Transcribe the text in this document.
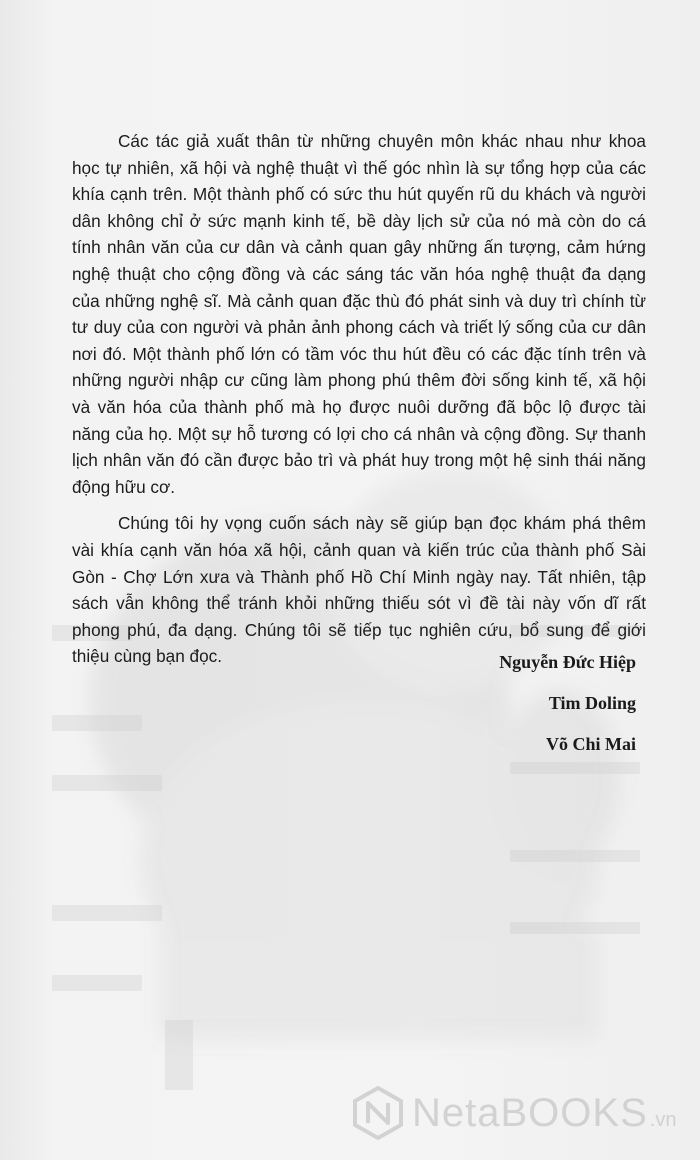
Các tác giả xuất thân từ những chuyên môn khác nhau như khoa học tự nhiên, xã hội và nghệ thuật vì thế góc nhìn là sự tổng hợp của các khía cạnh trên. Một thành phố có sức thu hút quyến rũ du khách và người dân không chỉ ở sức mạnh kinh tế, bề dày lịch sử của nó mà còn do cá tính nhân văn của cư dân và cảnh quan gây những ấn tượng, cảm hứng nghệ thuật cho cộng đồng và các sáng tác văn hóa nghệ thuật đa dạng của những nghệ sĩ. Mà cảnh quan đặc thù đó phát sinh và duy trì chính từ tư duy của con người và phản ảnh phong cách và triết lý sống của cư dân nơi đó. Một thành phố lớn có tầm vóc thu hút đều có các đặc tính trên và những người nhập cư cũng làm phong phú thêm đời sống kinh tế, xã hội và văn hóa của thành phố mà họ được nuôi dưỡng đã bộc lộ được tài năng của họ. Một sự hỗ tương có lợi cho cá nhân và cộng đồng. Sự thanh lịch nhân văn đó cần được bảo trì và phát huy trong một hệ sinh thái năng động hữu cơ.

Chúng tôi hy vọng cuốn sách này sẽ giúp bạn đọc khám phá thêm vài khía cạnh văn hóa xã hội, cảnh quan và kiến trúc của thành phố Sài Gòn - Chợ Lớn xưa và Thành phố Hồ Chí Minh ngày nay. Tất nhiên, tập sách vẫn không thể tránh khỏi những thiếu sót vì đề tài này vốn dĩ rất phong phú, đa dạng. Chúng tôi sẽ tiếp tục nghiên cứu, bổ sung để giới thiệu cùng bạn đọc.	Nguyễn Đức Hiệp
Tim Doling
Võ Chi Mai
NetaBOOKS .vn
